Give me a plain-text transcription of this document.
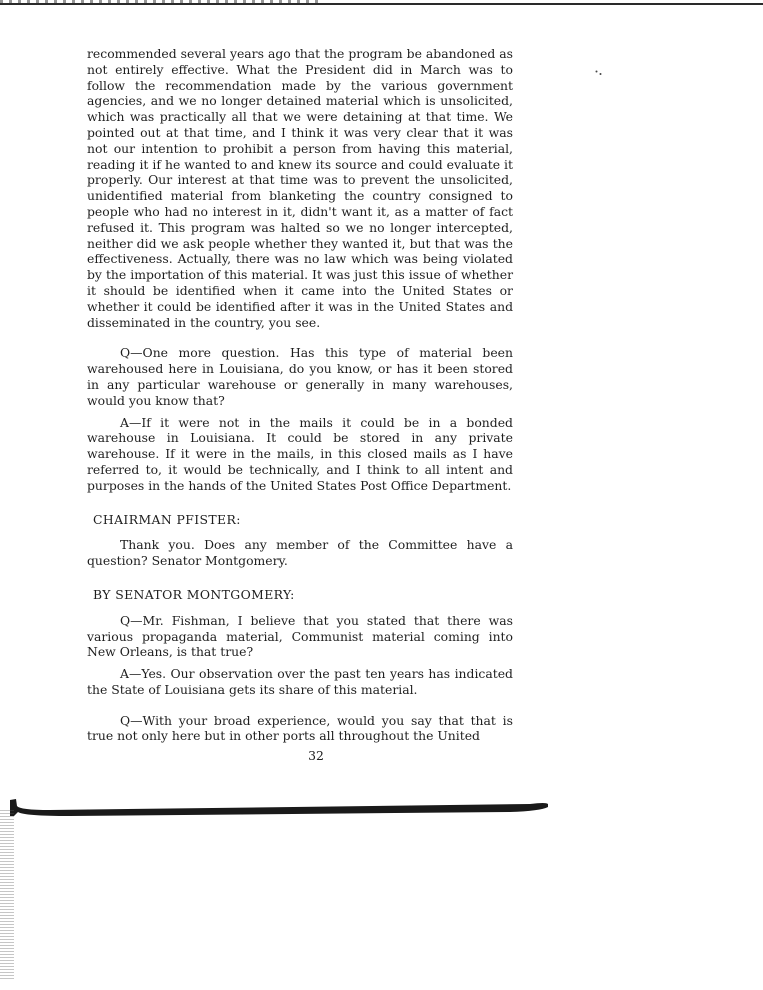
recommended several years ago that the program be abandoned as not entirely effective. What the President did in March was to follow the recommendation made by the various government agencies, and we no longer detained material which is unsolicited, which was practically all that we were detaining at that time. We pointed out at that time, and I think it was very clear that it was not our intention to prohibit a person from having this material, reading it if he wanted to and knew its source and could evaluate it properly. Our interest at that time was to prevent the unsolicited, unidentified material from blanketing the country consigned to people who had no interest in it, didn't want it, as a matter of fact refused it. This program was halted so we no longer intercepted, neither did we ask people whether they wanted it, but that was the effectiveness. Actually, there was no law which was being violated by the importation of this material. It was just this issue of whether it should be identified when it came into the United States or whether it could be identified after it was in the United States and disseminated in the country, you see.

Q—One more question. Has this type of material been warehoused here in Louisiana, do you know, or has it been stored in any particular warehouse or generally in many warehouses, would you know that?

A—If it were not in the mails it could be in a bonded warehouse in Louisiana. It could be stored in any private warehouse. If it were in the mails, in this closed mails as I have referred to, it would be technically, and I think to all intent and purposes in the hands of the United States Post Office Department.

CHAIRMAN PFISTER:

Thank you. Does any member of the Committee have a question? Senator Montgomery.

BY SENATOR MONTGOMERY:

Q—Mr. Fishman, I believe that you stated that there was various propaganda material, Communist material coming into New Orleans, is that true?

A—Yes. Our observation over the past ten years has indicated the State of Louisiana gets its share of this material.

Q—With your broad experience, would you say that that is true not only here but in other ports all throughout the United

32
